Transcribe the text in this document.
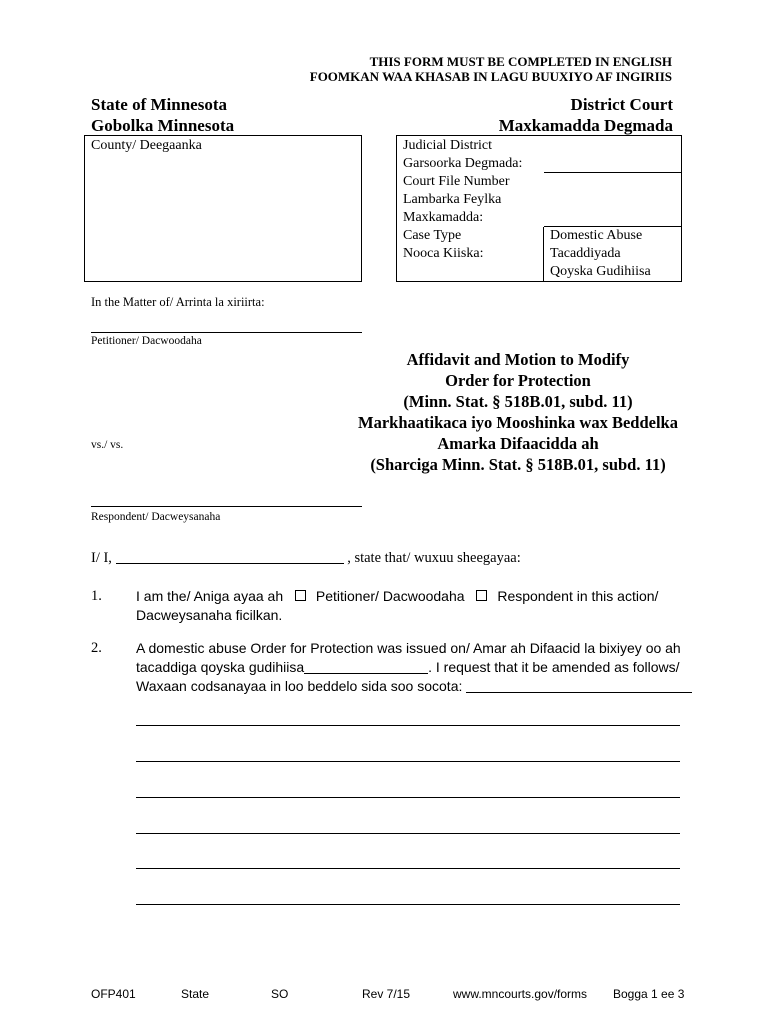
THIS FORM MUST BE COMPLETED IN ENGLISH
FOOMKAN WAA KHASAB IN LAGU BUUXIYO AF INGIRIIS
State of Minnesota
Gobolka Minnesota
District Court
Maxkamadda Degmada
County/ Deegaanka	Judicial District
Garsoorka Degmada:
Court File Number
Lambarka Feylka
Maxkamadda:
Case Type
Nooca Kiiska:
Domestic Abuse
Tacaddiyada
Qoyska Gudihiisa
In the Matter of/ Arrinta la xiriirta:
Petitioner/ Dacwoodaha
vs./ vs.
Respondent/ Dacweysanaha
Affidavit and Motion to Modify
Order for Protection
(Minn. Stat. § 518B.01, subd. 11)
Markhaatikaca iyo Mooshinka wax Beddelka
Amarka Difaacidda ah
(Sharciga Minn. Stat. § 518B.01, subd. 11)
I/ I,	, state that/ wuxuu sheegayaa:
1. I am the/ Aniga ayaa ah Petitioner/ Dacwoodaha Respondent in this action/
Dacweysanaha ficilkan.
2. A domestic abuse Order for Protection was issued on/ Amar ah Difaacid la bixiyey oo ah
tacaddiga qoyska gudihiisa	. I request that it be amended as follows/
Waxaan codsanayaa in loo beddelo sida soo socota:
OFP401	State	SO	Rev 7/15	www.mncourts.gov/forms Bogga 1 ee 3
